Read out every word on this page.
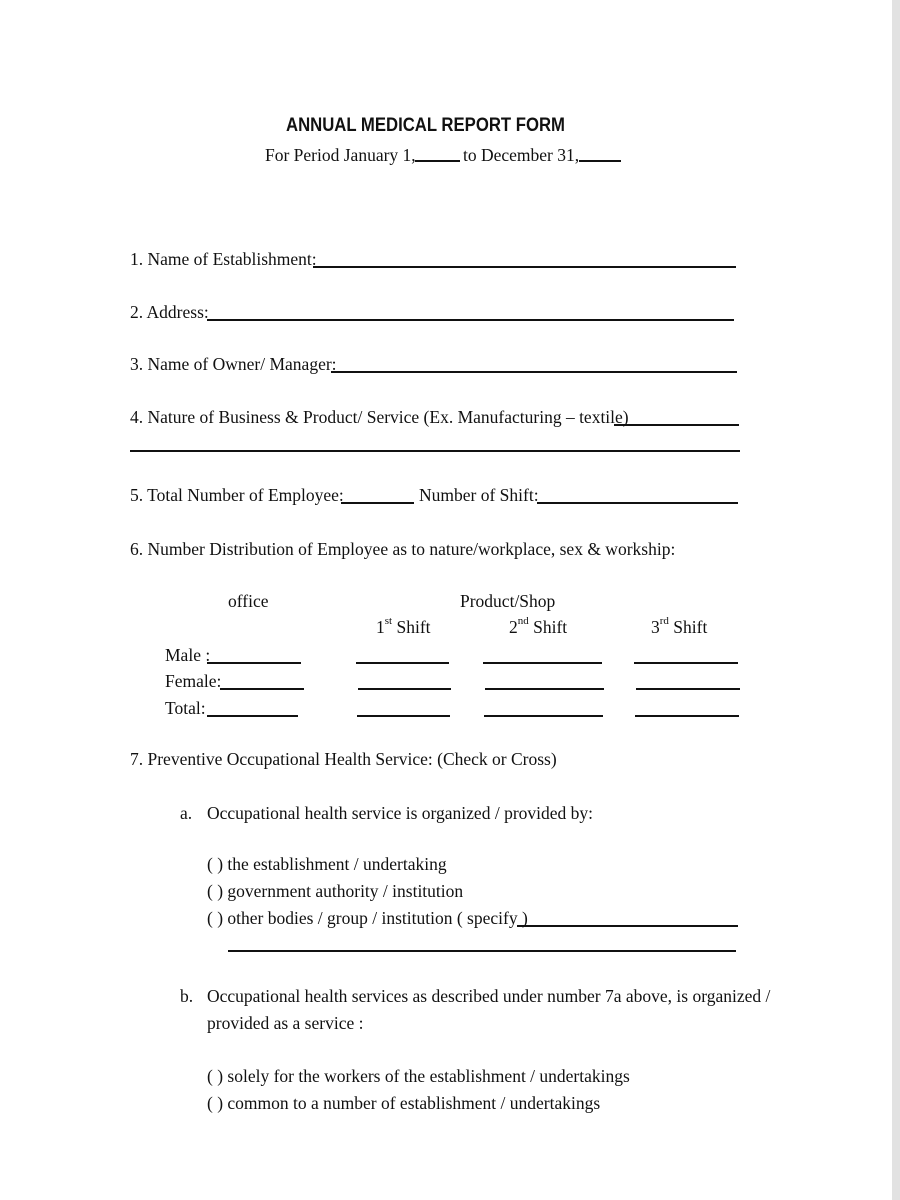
ANNUAL MEDICAL REPORT FORM
For Period January 1,	to December 31,
1. Name of Establishment:
2. Address:
3. Name of Owner/ Manager:
4. Nature of Business & Product/ Service (Ex. Manufacturing – textile)
5. Total Number of Employee:	Number of Shift:
6. Number Distribution of Employee as to nature/workplace, sex & workship:
office	Product/Shop
1st Shift	2nd Shift	3rd Shift
Male :
Female:
Total:
7. Preventive Occupational Health Service: (Check or Cross)
a. Occupational health service is organized / provided by:
( ) the establishment / undertaking
( ) government authority / institution
( ) other bodies / group / institution ( specify )
b. Occupational health services as described under number 7a above, is organized /
provided as a service :
( ) solely for the workers of the establishment / undertakings
( ) common to a number of establishment / undertakings
